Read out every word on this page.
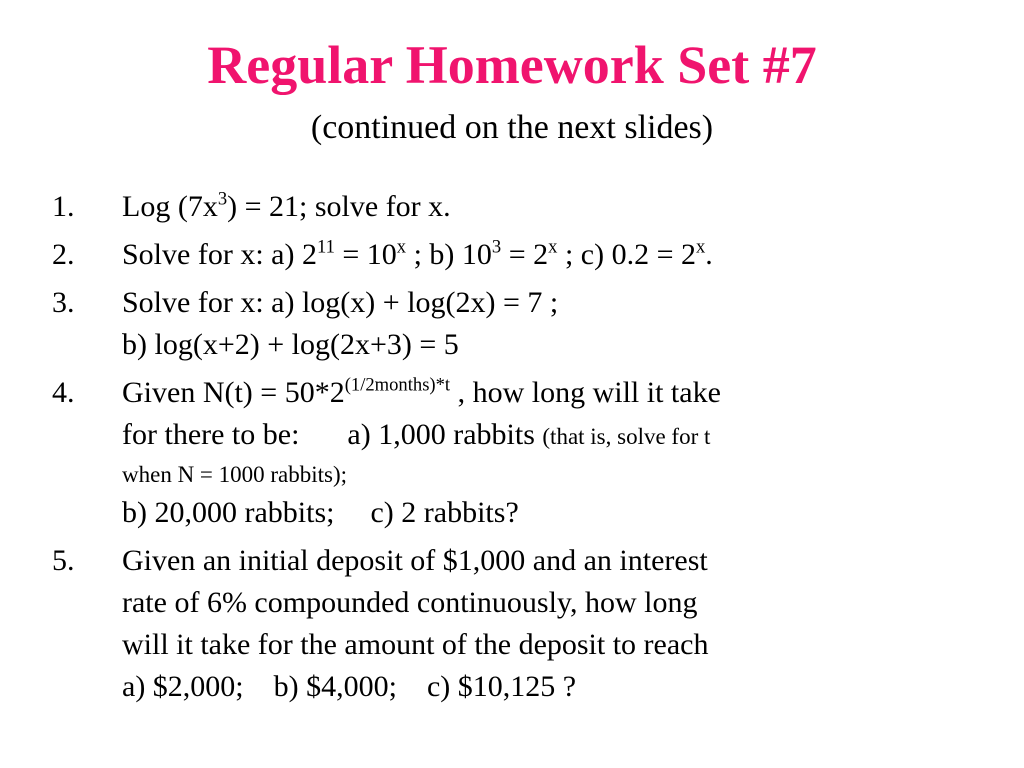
Regular Homework Set #7
(continued on the next slides)
1. Log $(7x^3) = 21$; solve for x.
2. Solve for x: a) $2^{11} = 10^x$ ; b) $10^3 = 2^x$ ; c) $0.2 = 2^x$.
3. Solve for x: a) log(x) + log(2x) = 7 ;
b) log(x+2) + log(2x+3) = 5
4. Given $N(t) = 50*2^{(1/2months)*t}$ , how long will it take
for there to be: a) 1,000 rabbits (that is, solve for t
when N = 1000 rabbits);
b) 20,000 rabbits; c) 2 rabbits?
5. Given an initial deposit of $1,000 and an interest
rate of 6% compounded continuously, how long
will it take for the amount of the deposit to reach
a) $2,000; b) $4,000; c) $10,125 ?
